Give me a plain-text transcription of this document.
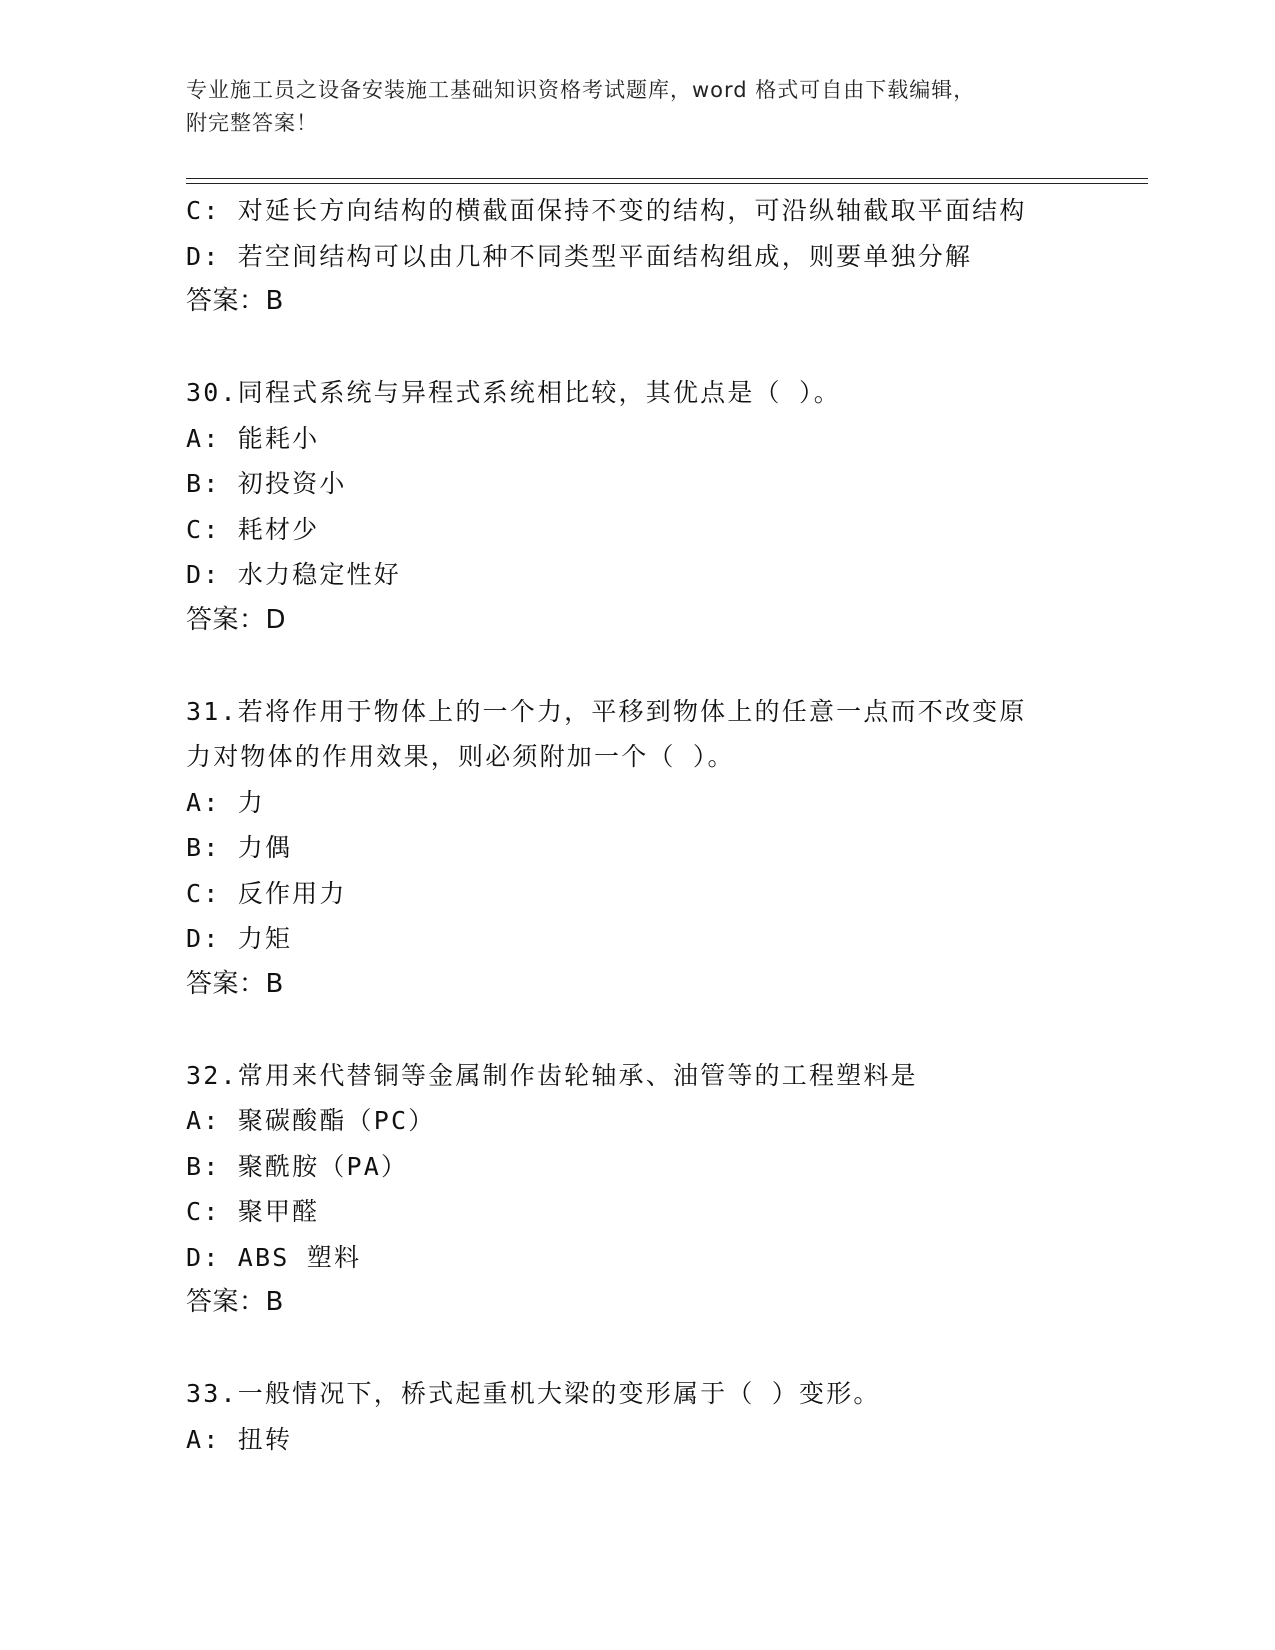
专业施工员之设备安装施工基础知识资格考试题库，word 格式可自由下载编辑，
附完整答案！
C: 对延长方向结构的横截面保持不变的结构，可沿纵轴截取平面结构
D: 若空间结构可以由几种不同类型平面结构组成，则要单独分解
答案：B
30.同程式系统与异程式系统相比较，其优点是（ ）。
A: 能耗小
B: 初投资小
C: 耗材少
D: 水力稳定性好
答案：D
31.若将作用于物体上的一个力，平移到物体上的任意一点而不改变原
力对物体的作用效果，则必须附加一个（ ）。
A: 力
B: 力偶
C: 反作用力
D: 力矩
答案：B
32.常用来代替铜等金属制作齿轮轴承、油管等的工程塑料是
A: 聚碳酸酯（PC）
B: 聚酰胺（PA）
C: 聚甲醛
D: ABS 塑料
答案：B
33.一般情况下，桥式起重机大梁的变形属于（ ）变形。
A: 扭转
